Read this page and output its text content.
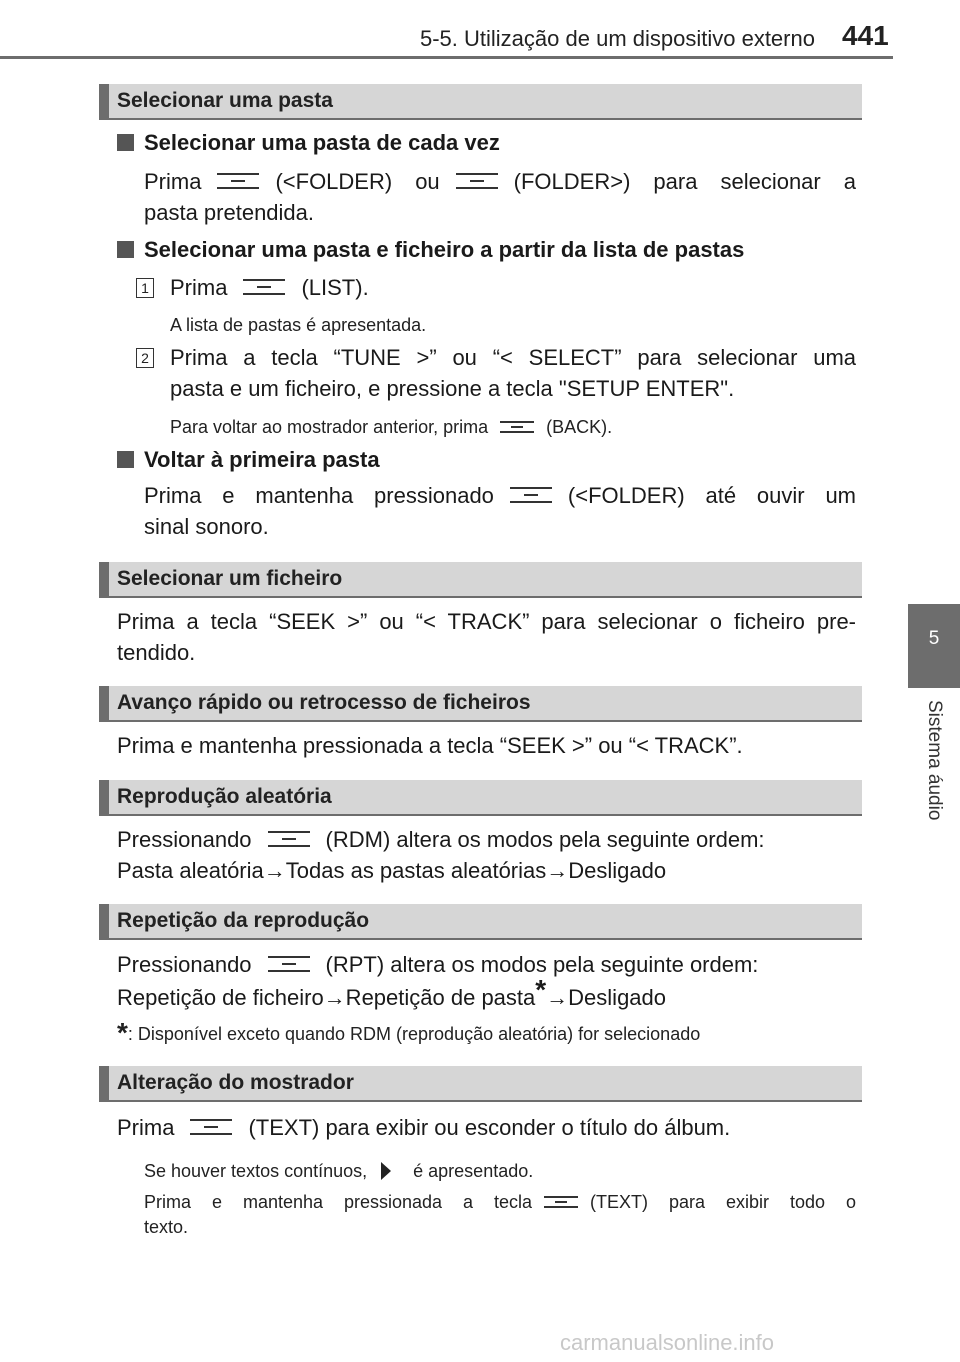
5-5. Utilização de um dispositivo externo 441
5
Sistema áudio
Selecionar uma pasta
Selecionar uma pasta de cada vez
Prima	(<FOLDER) ou	(FOLDER>) para selecionar a
pasta pretendida.
Selecionar uma pasta e ficheiro a partir da lista de pastas
1 Prima	(LIST).
A lista de pastas é apresentada.
2 Prima a tecla “TUNE >” ou “< SELECT” para selecionar uma
pasta e um ficheiro, e pressione a tecla "SETUP ENTER".
Para voltar ao mostrador anterior, prima	(BACK).
Voltar à primeira pasta
Prima e mantenha pressionado	(<FOLDER) até ouvir um
sinal sonoro.
Selecionar um ficheiro
Prima a tecla “SEEK >” ou “< TRACK” para selecionar o ficheiro pre-
tendido.
Avanço rápido ou retrocesso de ficheiros
Prima e mantenha pressionada a tecla “SEEK >” ou “< TRACK”.
Reprodução aleatória
Pressionando	(RDM) altera os modos pela seguinte ordem:
Pasta aleatória→Todas as pastas aleatórias→Desligado
Repetição da reprodução
Pressionando	(RPT) altera os modos pela seguinte ordem:
Repetição de ficheiro→Repetição de pasta*→Desligado
*: Disponível exceto quando RDM (reprodução aleatória) for selecionado
Alteração do mostrador
Prima	(TEXT) para exibir ou esconder o título do álbum.
Se houver textos contínuos,	é apresentado.
Prima e mantenha pressionada a tecla	(TEXT) para exibir todo o
texto.
carmanualsonline.info
